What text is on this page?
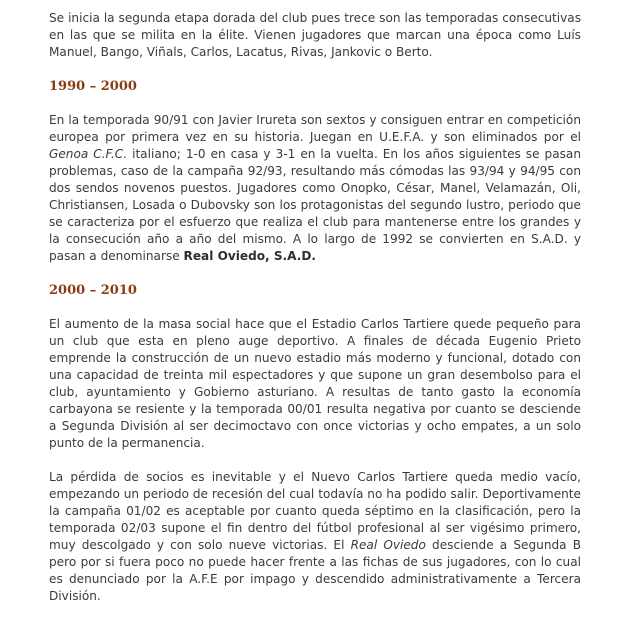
Se inicia la segunda etapa dorada del club pues trece son las temporadas consecutivas en las que se milita en la élite. Vienen jugadores que marcan una época como Luís Manuel, Bango, Viñals, Carlos, Lacatus, Rivas, Jankovic o Berto.

1990 – 2000

En la temporada 90/91 con Javier Irureta son sextos y consiguen entrar en competición europea por primera vez en su historia. Juegan en U.E.F.A. y son eliminados por el Genoa C.F.C. italiano; 1-0 en casa y 3-1 en la vuelta. En los años siguientes se pasan problemas, caso de la campaña 92/93, resultando más cómodas las 93/94 y 94/95 con dos sendos novenos puestos. Jugadores como Onopko, César, Manel, Velamazán, Oli, Christiansen, Losada o Dubovsky son los protagonistas del segundo lustro, periodo que se caracteriza por el esfuerzo que realiza el club para mantenerse entre los grandes y la consecución año a año del mismo. A lo largo de 1992 se convierten en S.A.D. y pasan a denominarse Real Oviedo, S.A.D.

2000 – 2010

El aumento de la masa social hace que el Estadio Carlos Tartiere quede pequeño para un club que esta en pleno auge deportivo. A finales de década Eugenio Prieto emprende la construcción de un nuevo estadio más moderno y funcional, dotado con una capacidad de treinta mil espectadores y que supone un gran desembolso para el club, ayuntamiento y Gobierno asturiano. A resultas de tanto gasto la economía carbayona se resiente y la temporada 00/01 resulta negativa por cuanto se desciende a Segunda División al ser decimoctavo con once victorias y ocho empates, a un solo punto de la permanencia.

La pérdida de socios es inevitable y el Nuevo Carlos Tartiere queda medio vacío, empezando un periodo de recesión del cual todavía no ha podido salir. Deportivamente la campaña 01/02 es aceptable por cuanto queda séptimo en la clasificación, pero la temporada 02/03 supone el fin dentro del fútbol profesional al ser vigésimo primero, muy descolgado y con solo nueve victorias. El Real Oviedo desciende a Segunda B pero por si fuera poco no puede hacer frente a las fichas de sus jugadores, con lo cual es denunciado por la A.F.E por impago y descendido administrativamente a Tercera División.
